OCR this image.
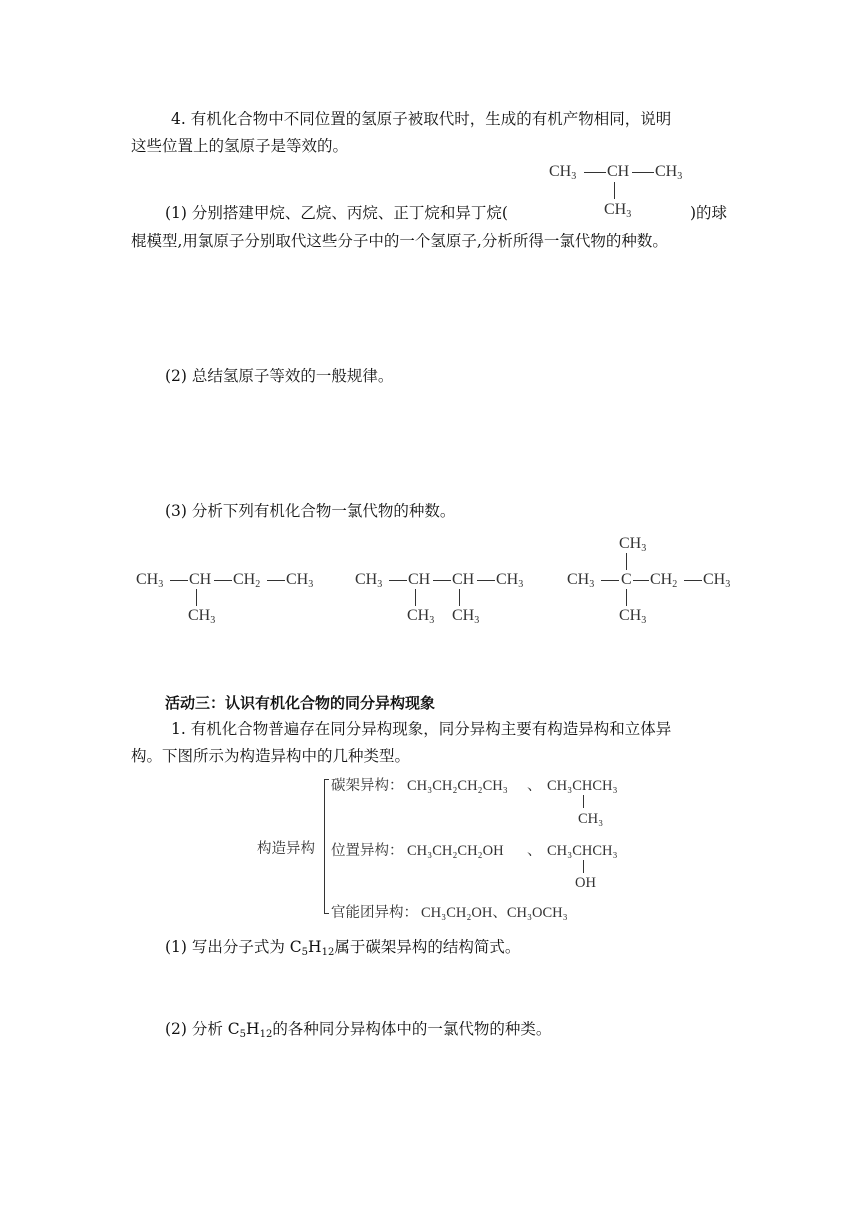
4. 有机化合物中不同位置的氢原子被取代时，生成的有机产物相同，说明

这些位置上的氢原子是等效的。

$CH_3$ CH $CH_3$
$CH_3$

(1) 分别搭建甲烷、乙烷、丙烷、正丁烷和异丁烷(	)的球

棍模型,用氯原子分别取代这些分子中的一个氢原子,分析所得一氯代物的种数。

(2) 总结氢原子等效的一般规律。

(3) 分析下列有机化合物一氯代物的种数。

$CH_3$ CH $CH_2$ $CH_3$
$CH_3$
$CH_3$ CH CH $CH_3$
$CH_3$ $CH_3$
$CH_3$
$CH_3$ C $CH_2$ $CH_3$
$CH_3$

活动三：认识有机化合物的同分异构现象

1. 有机化合物普遍存在同分异构现象，同分异构主要有构造异构和立体异

构。下图所示为构造异构中的几种类型。

构造异构
碳架异构： CH₃CH₂CH₂CH₃ 、 CH₃CHCH₃
CH₃
位置异构： CH₃CH₂CH₂OH 、 CH₃CHCH₃
OH
官能团异构： CH₃CH₂OH、CH₃OCH₃

(1) 写出分子式为 $C_5H_{12}$属于碳架异构的结构简式。

(2) 分析 $C_5H_{12}$的各种同分异构体中的一氯代物的种类。
